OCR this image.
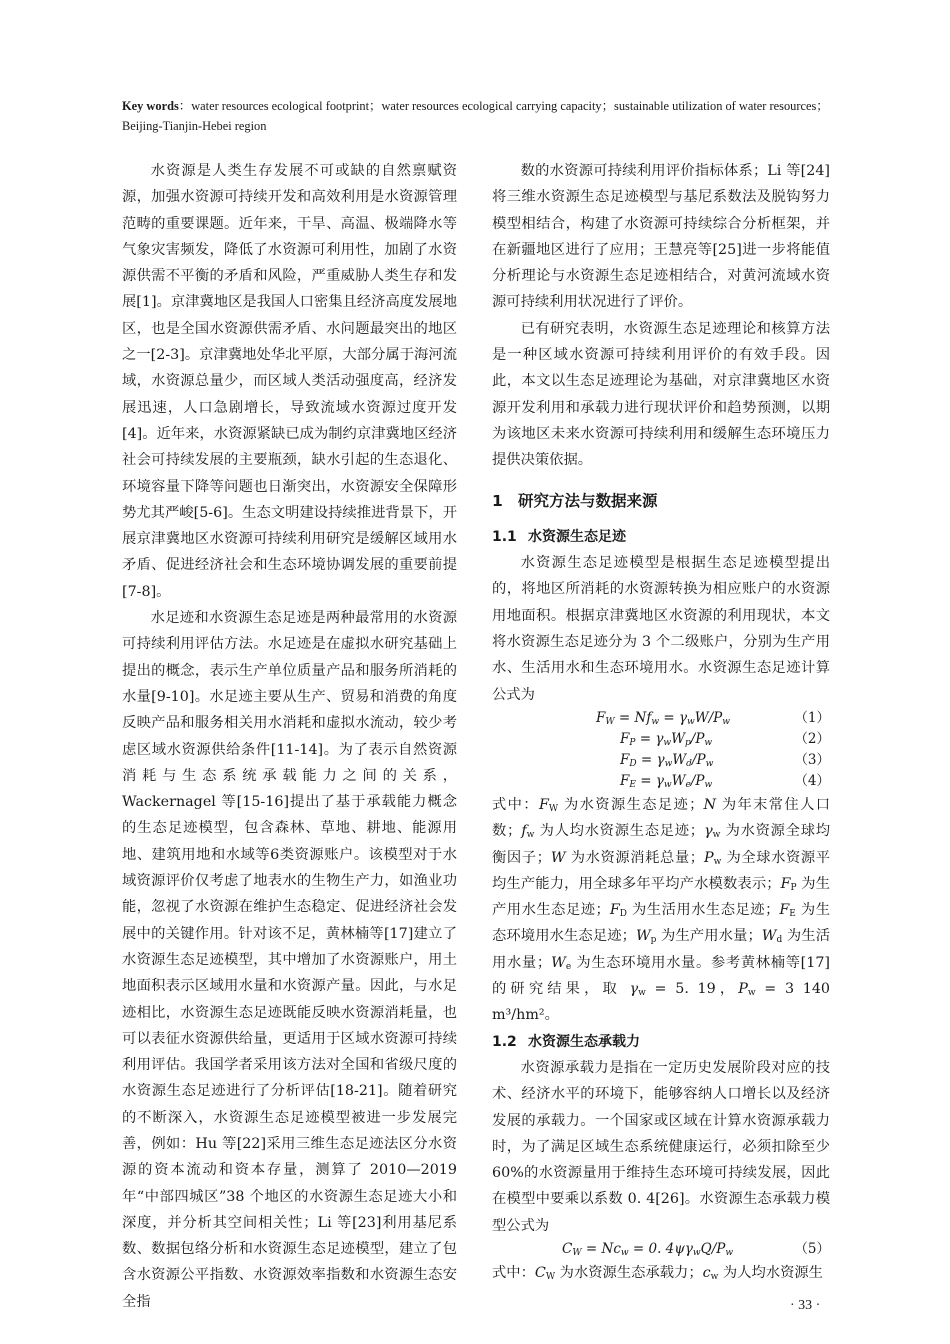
Key words：water resources ecological footprint；water resources ecological carrying capacity；sustainable utilization of water resources；Beijing-Tianjin-Hebei region

水资源是人类生存发展不可或缺的自然禀赋资源，加强水资源可持续开发和高效利用是水资源管理范畴的重要课题。近年来，干旱、高温、极端降水等气象灾害频发，降低了水资源可利用性，加剧了水资源供需不平衡的矛盾和风险，严重威胁人类生存和发展[1]。京津冀地区是我国人口密集且经济高度发展地区，也是全国水资源供需矛盾、水问题最突出的地区之一[2-3]。京津冀地处华北平原，大部分属于海河流域，水资源总量少，而区域人类活动强度高，经济发展迅速，人口急剧增长，导致流域水资源过度开发[4]。近年来，水资源紧缺已成为制约京津冀地区经济社会可持续发展的主要瓶颈，缺水引起的生态退化、环境容量下降等问题也日渐突出，水资源安全保障形势尤其严峻[5-6]。生态文明建设持续推进背景下，开展京津冀地区水资源可持续利用研究是缓解区域用水矛盾、促进经济社会和生态环境协调发展的重要前提[7-8]。

水足迹和水资源生态足迹是两种最常用的水资源可持续利用评估方法。水足迹是在虚拟水研究基础上提出的概念，表示生产单位质量产品和服务所消耗的水量[9-10]。水足迹主要从生产、贸易和消费的角度反映产品和服务相关用水消耗和虚拟水流动，较少考虑区域水资源供给条件[11-14]。为了表示自然资源消耗与生态系统承载能力之间的关系，Wackernagel 等[15-16]提出了基于承载能力概念的生态足迹模型，包含森林、草地、耕地、能源用地、建筑用地和水域等6类资源账户。该模型对于水域资源评价仅考虑了地表水的生物生产力，如渔业功能，忽视了水资源在维护生态稳定、促进经济社会发展中的关键作用。针对该不足，黄林楠等[17]建立了水资源生态足迹模型，其中增加了水资源账户，用土地面积表示区域用水量和水资源产量。因此，与水足迹相比，水资源生态足迹既能反映水资源消耗量，也可以表征水资源供给量，更适用于区域水资源可持续利用评估。我国学者采用该方法对全国和省级尺度的水资源生态足迹进行了分析评估[18-21]。随着研究的不断深入，水资源生态足迹模型被进一步发展完善，例如：Hu 等[22]采用三维生态足迹法区分水资源的资本流动和资本存量，测算了 2010—2019 年“中部四城区”38 个地区的水资源生态足迹大小和深度，并分析其空间相关性；Li 等[23]利用基尼系数、数据包络分析和水资源生态足迹模型，建立了包含水资源公平指数、水资源效率指数和水资源生态安全指

数的水资源可持续利用评价指标体系；Li 等[24]将三维水资源生态足迹模型与基尼系数法及脱钩努力模型相结合，构建了水资源可持续综合分析框架，并在新疆地区进行了应用；王慧亮等[25]进一步将能值分析理论与水资源生态足迹相结合，对黄河流域水资源可持续利用状况进行了评价。

已有研究表明，水资源生态足迹理论和核算方法是一种区域水资源可持续利用评价的有效手段。因此，本文以生态足迹理论为基础，对京津冀地区水资源开发利用和承载力进行现状评价和趋势预测，以期为该地区未来水资源可持续利用和缓解生态环境压力提供决策依据。

1 研究方法与数据来源
1.1 水资源生态足迹

水资源生态足迹模型是根据生态足迹模型提出的，将地区所消耗的水资源转换为相应账户的水资源用地面积。根据京津冀地区水资源的利用现状，本文将水资源生态足迹分为 3 个二级账户，分别为生产用水、生活用水和生态环境用水。水资源生态足迹计算公式为

$F_W = Nf_w = \gamma_wW/P_w$	（1）
$F_P = \gamma_wW_p/P_w$	（2）
$F_D = \gamma_wW_d/P_w$	（3）
$F_E = \gamma_wW_e/P_w$	（4）

式中：$F_W$ 为水资源生态足迹；N 为年末常住人口数；$f_w$ 为人均水资源生态足迹；$\gamma_w$ 为水资源全球均衡因子；W 为水资源消耗总量；$P_w$ 为全球水资源平均生产能力，用全球多年平均产水模数表示；$F_P$ 为生产用水生态足迹；$F_D$ 为生活用水生态足迹；$F_E$ 为生态环境用水生态足迹；$W_p$ 为生产用水量；$W_d$ 为生活用水量；$W_e$ 为生态环境用水量。参考黄林楠等[17]的研究结果，取 $\gamma_w = 5$. 19，$P_w = 3$ 140 m³/hm²。

1.2 水资源生态承载力

水资源承载力是指在一定历史发展阶段对应的技术、经济水平的环境下，能够容纳人口增长以及经济发展的承载力。一个国家或区域在计算水资源承载力时，为了满足区域生态系统健康运行，必须扣除至少60%的水资源量用于维持生态环境可持续发展，因此在模型中要乘以系数 0. 4[26]。水资源生态承载力模型公式为

$C_W = Nc_w = 0$. $4\psi\gamma_wQ/P_w$	（5）

式中：$C_W$ 为水资源生态承载力；$c_w$ 为人均水资源生

· 33 ·
